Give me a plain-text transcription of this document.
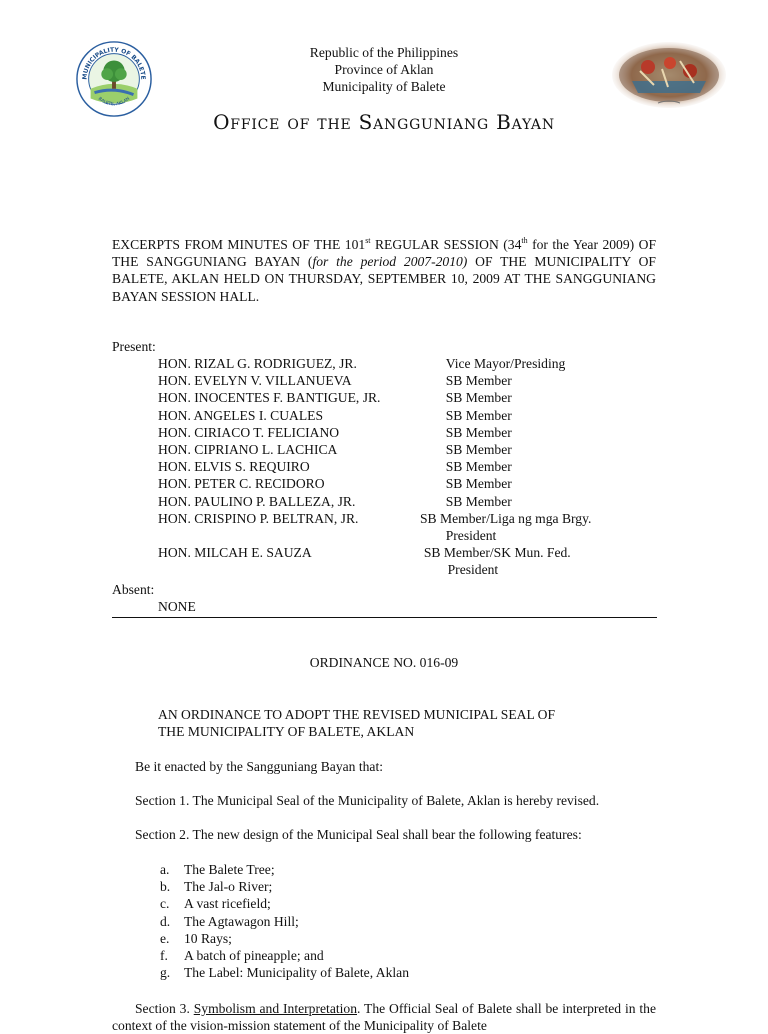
MUNICIPALITY OF BALETE
BALETE, AKLAN
Republic of the Philippines
Province of Aklan
Municipality of Balete
Office of the Sangguniang Bayan
EXCERPTS FROM MINUTES OF THE 101st REGULAR SESSION (34th for the Year 2009) OF THE SANGGUNIANG BAYAN (for the period 2007-2010) OF THE MUNICIPALITY OF BALETE, AKLAN HELD ON THURSDAY, SEPTEMBER 10, 2009 AT THE SANGGUNIANG BAYAN SESSION HALL.
Present:
HON. RIZAL G. RODRIGUEZ, JR.	Vice Mayor/Presiding
HON. EVELYN V. VILLANUEVA	SB Member
HON. INOCENTES F. BANTIGUE, JR.	SB Member
HON. ANGELES I. CUALES	SB Member
HON. CIRIACO T. FELICIANO	SB Member
HON. CIPRIANO L. LACHICA	SB Member
HON. ELVIS S. REQUIRO	SB Member
HON. PETER C. RECIDORO	SB Member
HON. PAULINO P. BALLEZA, JR.	SB Member
HON. CRISPINO P. BELTRAN, JR.	SB Member/Liga ng mga Brgy.
President
HON. MILCAH E. SAUZA	SB Member/SK Mun. Fed.
President
Absent:
NONE
ORDINANCE NO. 016-09
AN ORDINANCE TO ADOPT THE REVISED MUNICIPAL SEAL OF
THE MUNICIPALITY OF BALETE, AKLAN
Be it enacted by the Sangguniang Bayan that:
Section 1. The Municipal Seal of the Municipality of Balete, Aklan is hereby revised.
Section 2. The new design of the Municipal Seal shall bear the following features:
a.	The Balete Tree;
b.	The Jal-o River;
c.	A vast ricefield;
d.	The Agtawagon Hill;
e.	10 Rays;
f.	A batch of pineapple; and
g.	The Label: Municipality of Balete, Aklan
Section 3. Symbolism and Interpretation. The Official Seal of Balete shall be interpreted in the context of the vision-mission statement of the Municipality of Balete
